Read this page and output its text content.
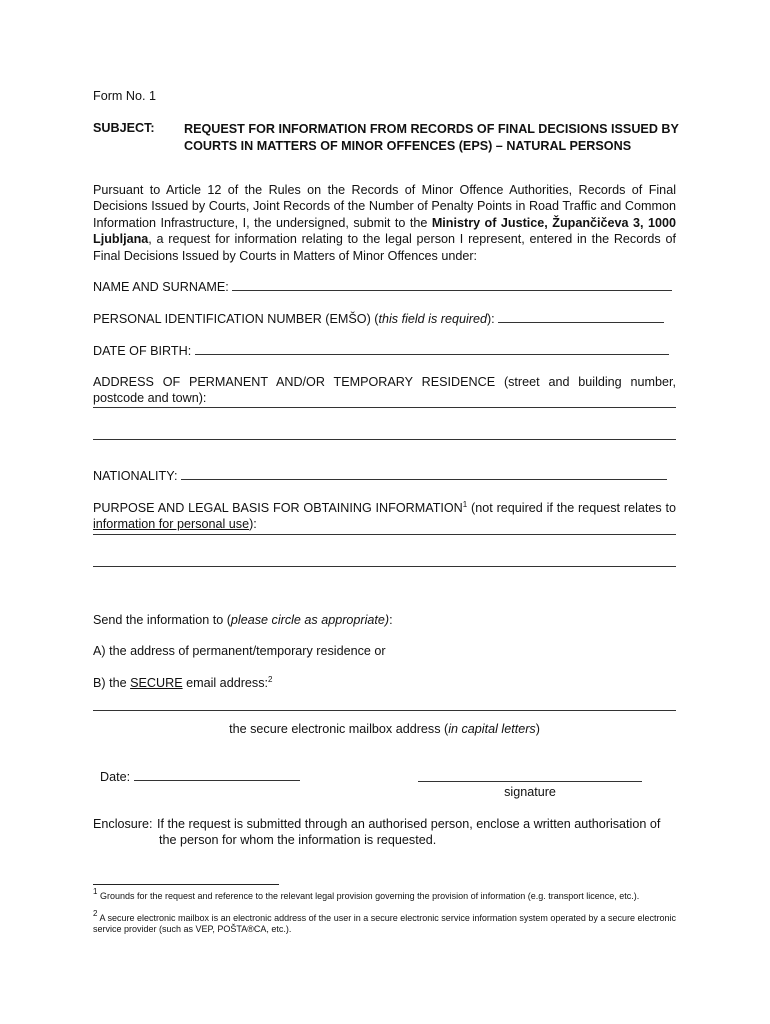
Form No. 1
SUBJECT: REQUEST FOR INFORMATION FROM RECORDS OF FINAL DECISIONS ISSUED BY COURTS IN MATTERS OF MINOR OFFENCES (EPS) – NATURAL PERSONS
Pursuant to Article 12 of the Rules on the Records of Minor Offence Authorities, Records of Final Decisions Issued by Courts, Joint Records of the Number of Penalty Points in Road Traffic and Common Information Infrastructure, I, the undersigned, submit to the Ministry of Justice, Župančičeva 3, 1000 Ljubljana, a request for information relating to the legal person I represent, entered in the Records of Final Decisions Issued by Courts in Matters of Minor Offences under:
NAME AND SURNAME:
PERSONAL IDENTIFICATION NUMBER (EMŠO) (this field is required):
DATE OF BIRTH:
ADDRESS OF PERMANENT AND/OR TEMPORARY RESIDENCE (street and building number, postcode and town):
NATIONALITY:
PURPOSE AND LEGAL BASIS FOR OBTAINING INFORMATION$^1$ (not required if the request relates to information for personal use):
Send the information to (please circle as appropriate):
A) the address of permanent/temporary residence or
B) the SECURE email address:$^2$
the secure electronic mailbox address (in capital letters)
Date:
signature
Enclosure: If the request is submitted through an authorised person, enclose a written authorisation of
the person for whom the information is requested.
$^1$ Grounds for the request and reference to the relevant legal provision governing the provision of information (e.g. transport licence, etc.).
$^2$ A secure electronic mailbox is an electronic address of the user in a secure electronic service information system operated by a secure electronic service provider (such as VEP, POŠTA®CA, etc.).
